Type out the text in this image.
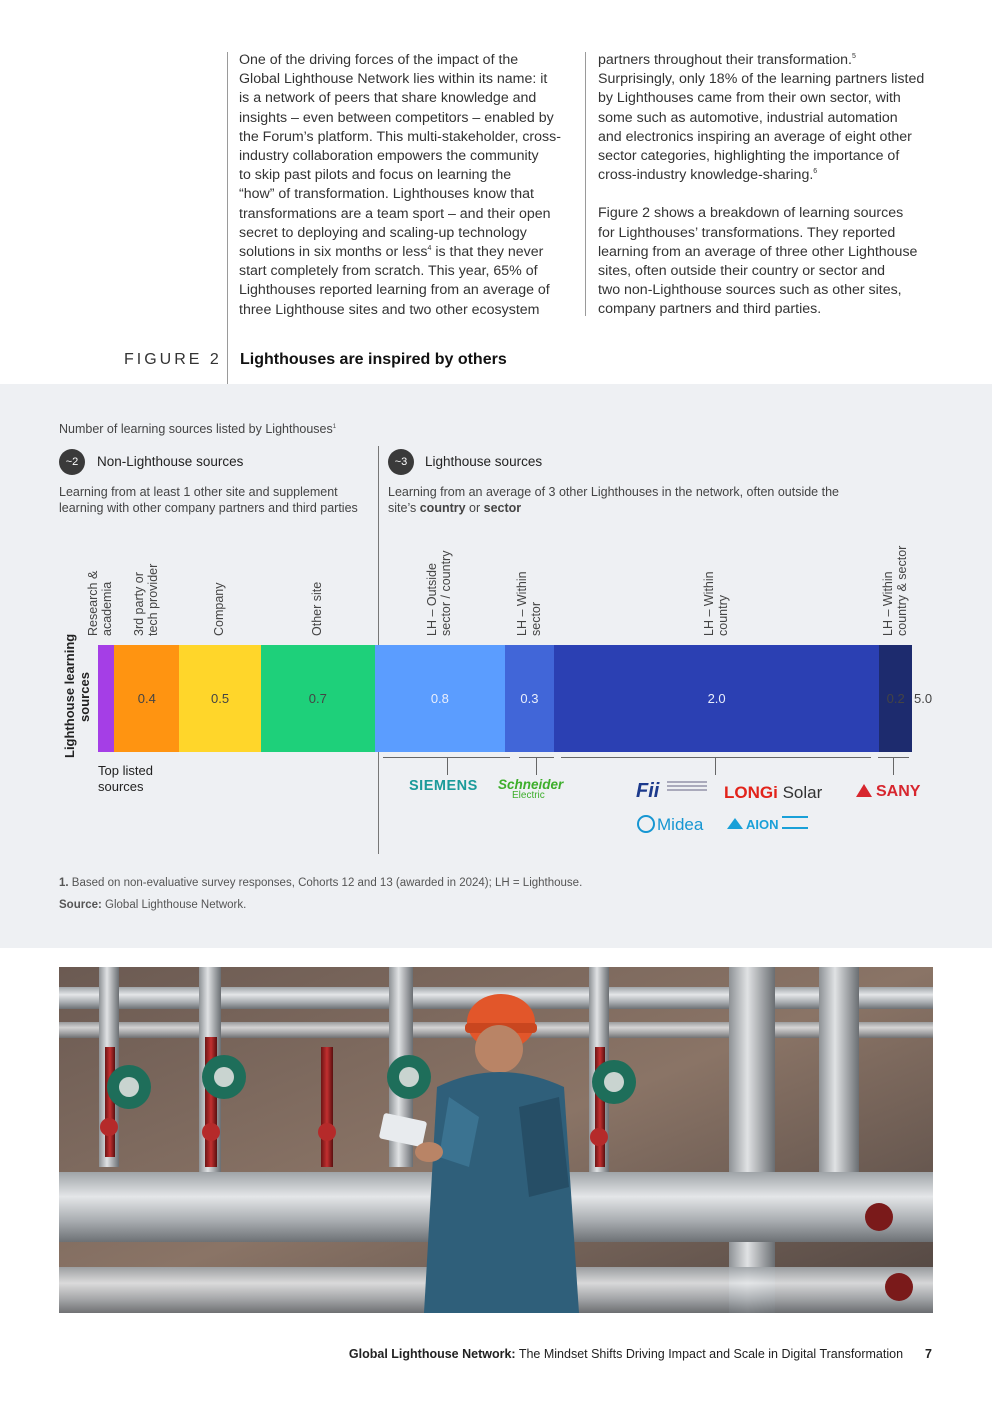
One of the driving forces of the impact of the
Global Lighthouse Network lies within its name: it
is a network of peers that share knowledge and
insights – even between competitors – enabled by
the Forum’s platform. This multi-stakeholder, cross-
industry collaboration empowers the community
to skip past pilots and focus on learning the
“how” of transformation. Lighthouses know that
transformations are a team sport – and their open
secret to deploying and scaling-up technology
solutions in six months or less$^4$ is that they never
start completely from scratch. This year, 65% of
Lighthouses reported learning from an average of
three Lighthouse sites and two other ecosystem
partners throughout their transformation.$^5$
Surprisingly, only 18% of the learning partners listed
by Lighthouses came from their own sector, with
some such as automotive, industrial automation
and electronics inspiring an average of eight other
sector categories, highlighting the importance of
cross-industry knowledge-sharing.$^6$
Figure 2 shows a breakdown of learning sources
for Lighthouses’ transformations. They reported
learning from an average of three other Lighthouse
sites, often outside their country or sector and
two non-Lighthouse sources such as other sites,
company partners and third parties.
FIGURE 2 Lighthouses are inspired by others
Number of learning sources listed by Lighthouses$^1$
~2	Non-Lighthouse sources
Learning from at least 1 other site and supplement
learning with other company partners and third parties
~3	Lighthouse sources
Learning from an average of 3 other Lighthouses in the network, often outside the
site’s country or sector
Lighthouse learning sources
Research & academia 3rd party or tech provider	Company	Other site	LH – Outside sector / country	LH – Within sector	LH – Within country	LH – Within country & sector
0.4	0.5	0.7	0.8	0.3	2.0	0.2 5.0
Top listed
sources	SIEMENS Schneider
Electric	Fii	LONGi Solar	SANY
Midea	AION
1. Based on non-evaluative survey responses, Cohorts 12 and 13 (awarded in 2024); LH = Lighthouse.
Source: Global Lighthouse Network.
Global Lighthouse Network: The Mindset Shifts Driving Impact and Scale in Digital Transformation 7
